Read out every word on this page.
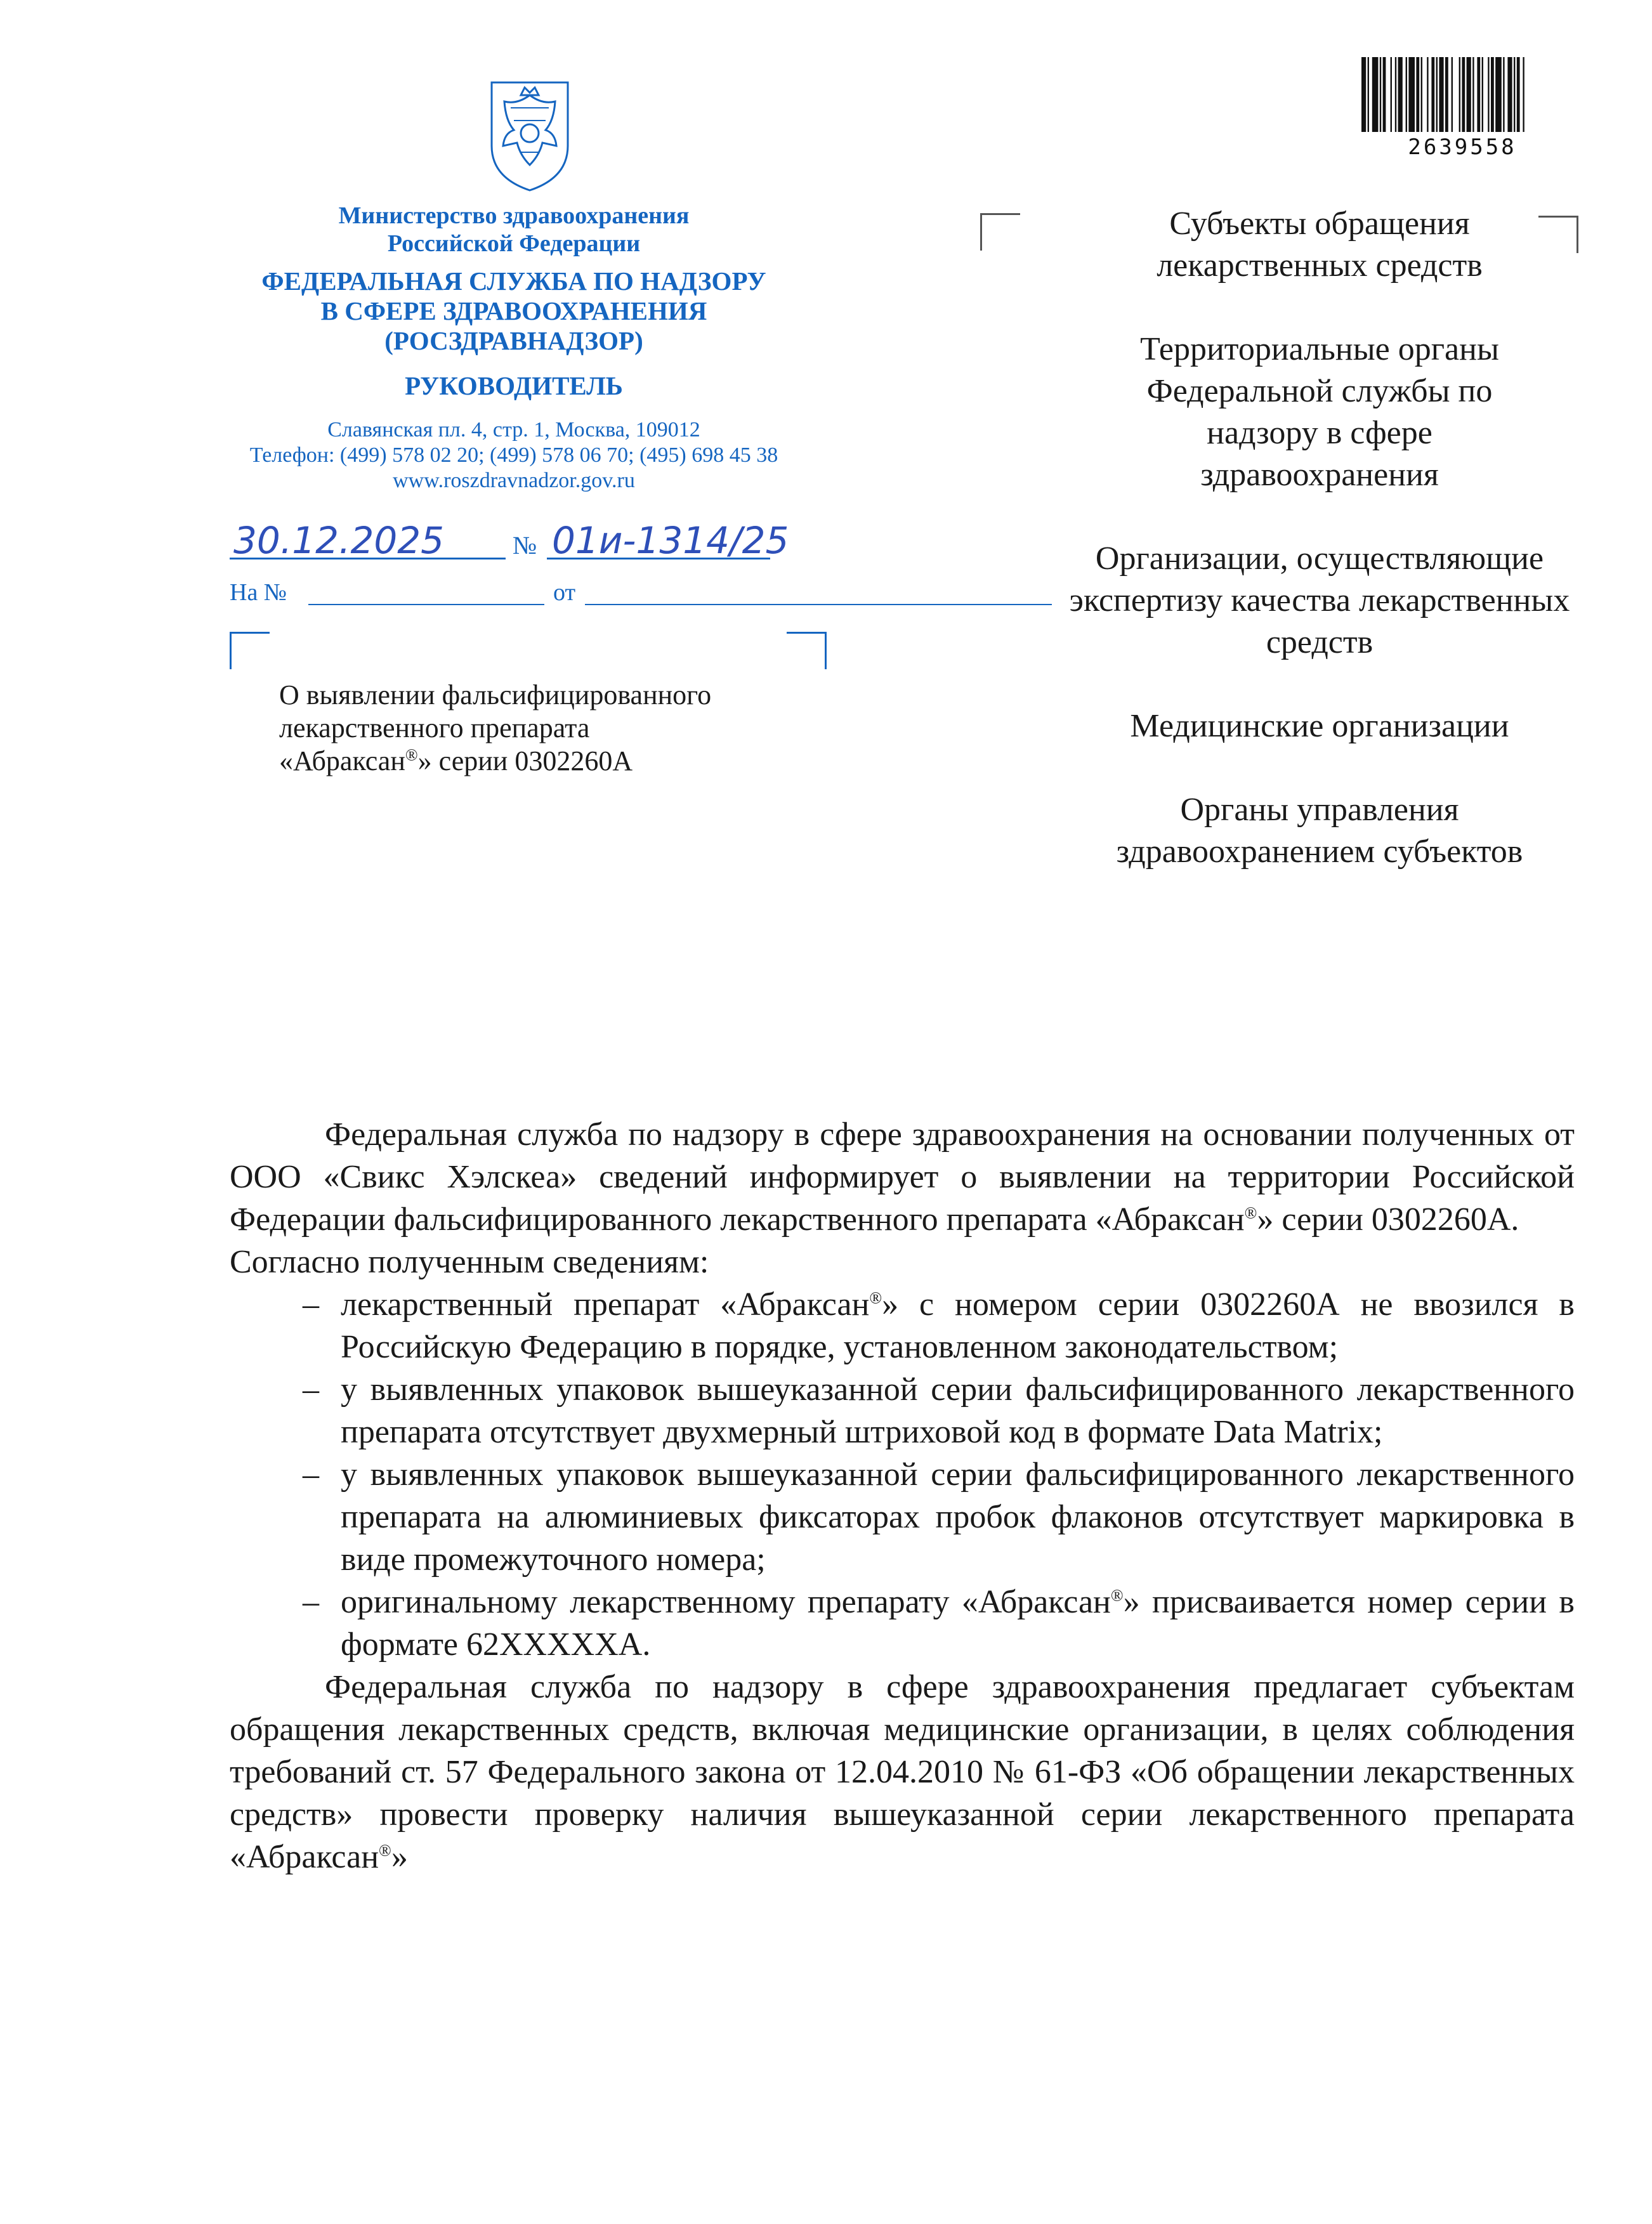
Министерство здравоохранения
Российской Федерации
ФЕДЕРАЛЬНАЯ СЛУЖБА ПО НАДЗОРУ
В СФЕРЕ ЗДРАВООХРАНЕНИЯ
(РОСЗДРАВНАДЗОР)
РУКОВОДИТЕЛЬ
Славянская пл. 4, стр. 1, Москва, 109012
Телефон: (499) 578 02 20; (499) 578 06 70; (495) 698 45 38
www.roszdravnadzor.gov.ru
30.12.2025	№ 01и-1314/25
На №	от
О выявлении фальсифицированного
лекарственного препарата
«Абраксан®» серии 0302260А
2639558
Субъекты обращения лекарственных средств
Территориальные органы Федеральной службы по надзору в сфере здравоохранения
Организации, осуществляющие экспертизу качества лекарственных средств
Медицинские организации
Органы управления здравоохранением субъектов

Федеральная служба по надзору в сфере здравоохранения на основании полученных от ООО «Свикс Хэлскеа» сведений информирует о выявлении на территории Российской Федерации фальсифицированного лекарственного препарата «Абраксан®» серии 0302260А.

Согласно полученным сведениям:

– лекарственный препарат «Абраксан®» с номером серии 0302260А не ввозился в Российскую Федерацию в порядке, установленном законодательством;
– у выявленных упаковок вышеуказанной серии фальсифицированного лекарственного препарата отсутствует двухмерный штриховой код в формате Data Matrix;
– у выявленных упаковок вышеуказанной серии фальсифицированного лекарственного препарата на алюминиевых фиксаторах пробок флаконов отсутствует маркировка в виде промежуточного номера;
– оригинальному лекарственному препарату «Абраксан®» присваивается номер серии в формате 62ХХХХХА.

Федеральная служба по надзору в сфере здравоохранения предлагает субъектам обращения лекарственных средств, включая медицинские организации, в целях соблюдения требований ст. 57 Федерального закона от 12.04.2010 № 61-ФЗ «Об обращении лекарственных средств» провести проверку наличия вышеуказанной серии лекарственного препарата «Абраксан®»
